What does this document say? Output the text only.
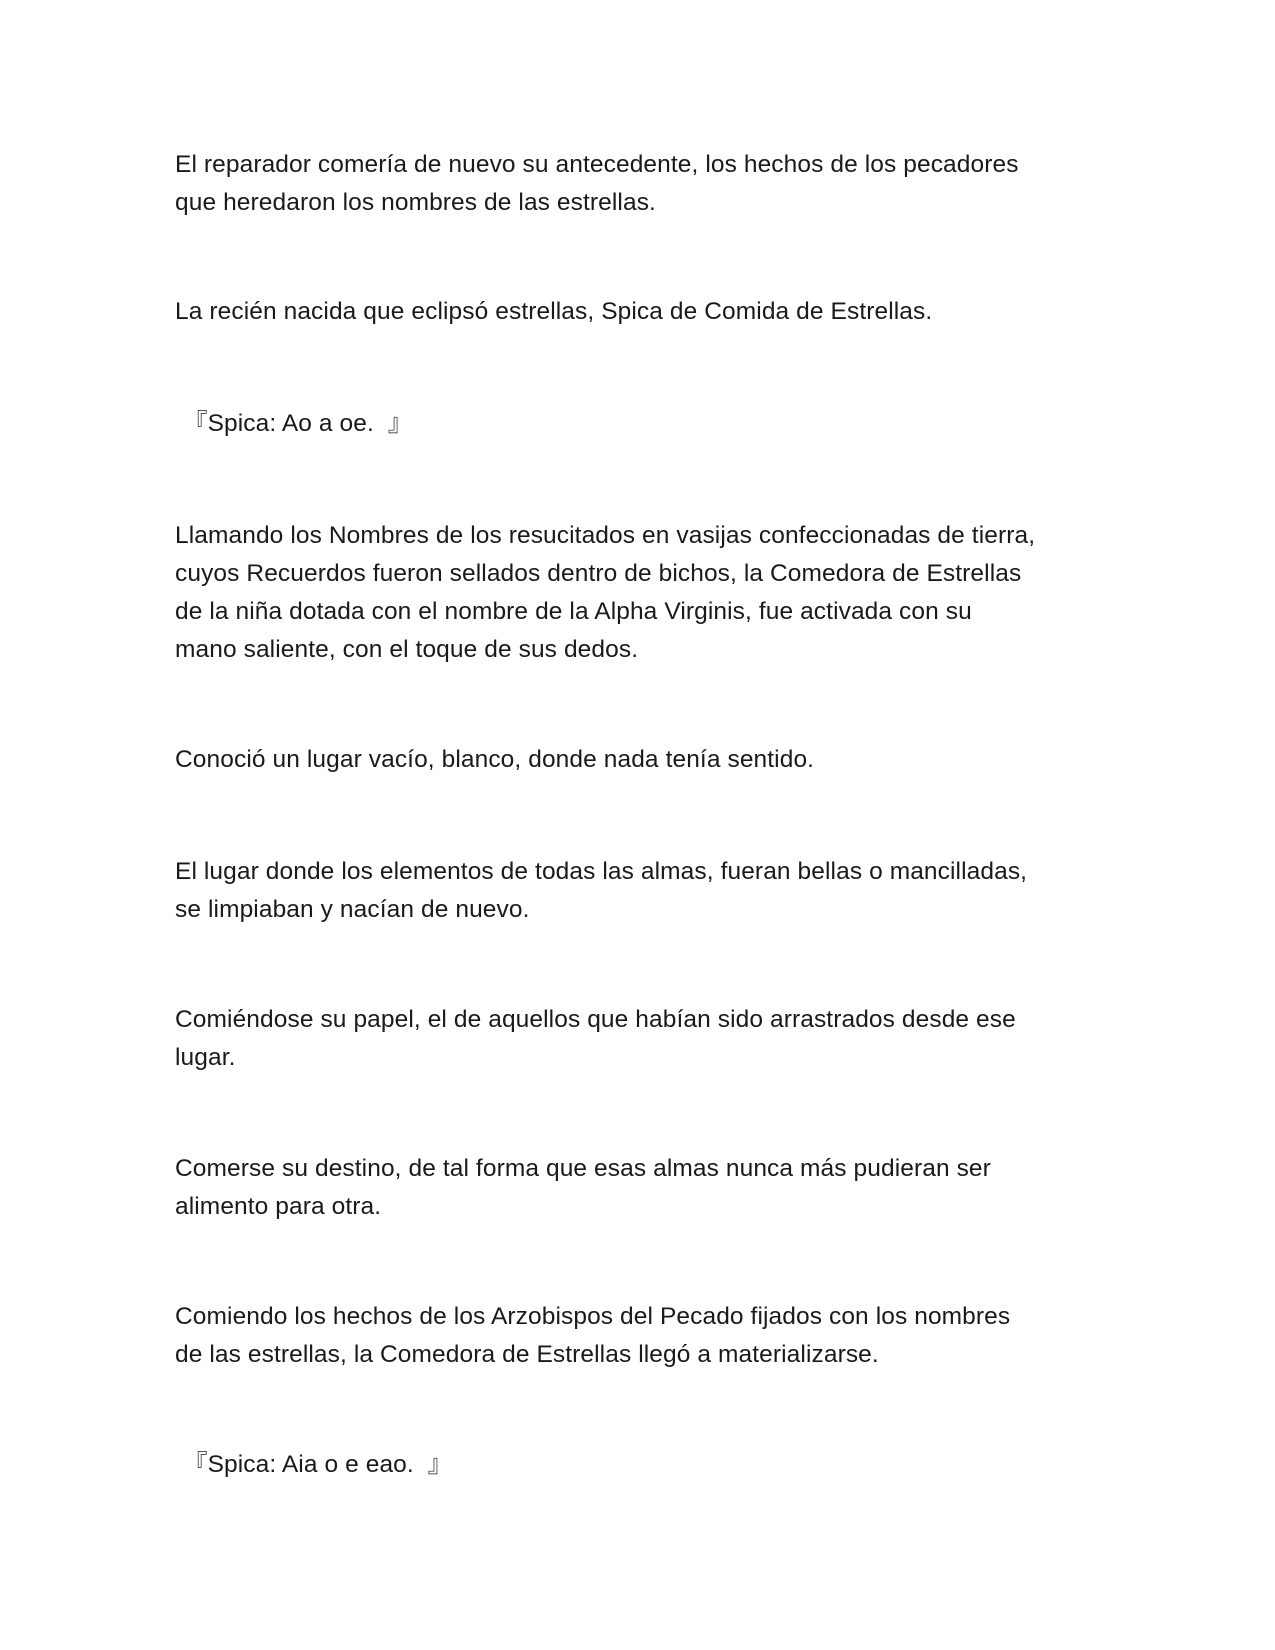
El reparador comería de nuevo su antecedente, los hechos de los pecadores
que heredaron los nombres de las estrellas.

La recién nacida que eclipsó estrellas, Spica de Comida de Estrellas.

『Spica: Ao a oe.  』

Llamando los Nombres de los resucitados en vasijas confeccionadas de tierra,
cuyos Recuerdos fueron sellados dentro de bichos, la Comedora de Estrellas
de la niña dotada con el nombre de la Alpha Virginis, fue activada con su
mano saliente, con el toque de sus dedos.

Conoció un lugar vacío, blanco, donde nada tenía sentido.

El lugar donde los elementos de todas las almas, fueran bellas o mancilladas,
se limpiaban y nacían de nuevo.

Comiéndose su papel, el de aquellos que habían sido arrastrados desde ese
lugar.

Comerse su destino, de tal forma que esas almas nunca más pudieran ser
alimento para otra.

Comiendo los hechos de los Arzobispos del Pecado fijados con los nombres
de las estrellas, la Comedora de Estrellas llegó a materializarse.

『Spica: Aia o e eao.  』
